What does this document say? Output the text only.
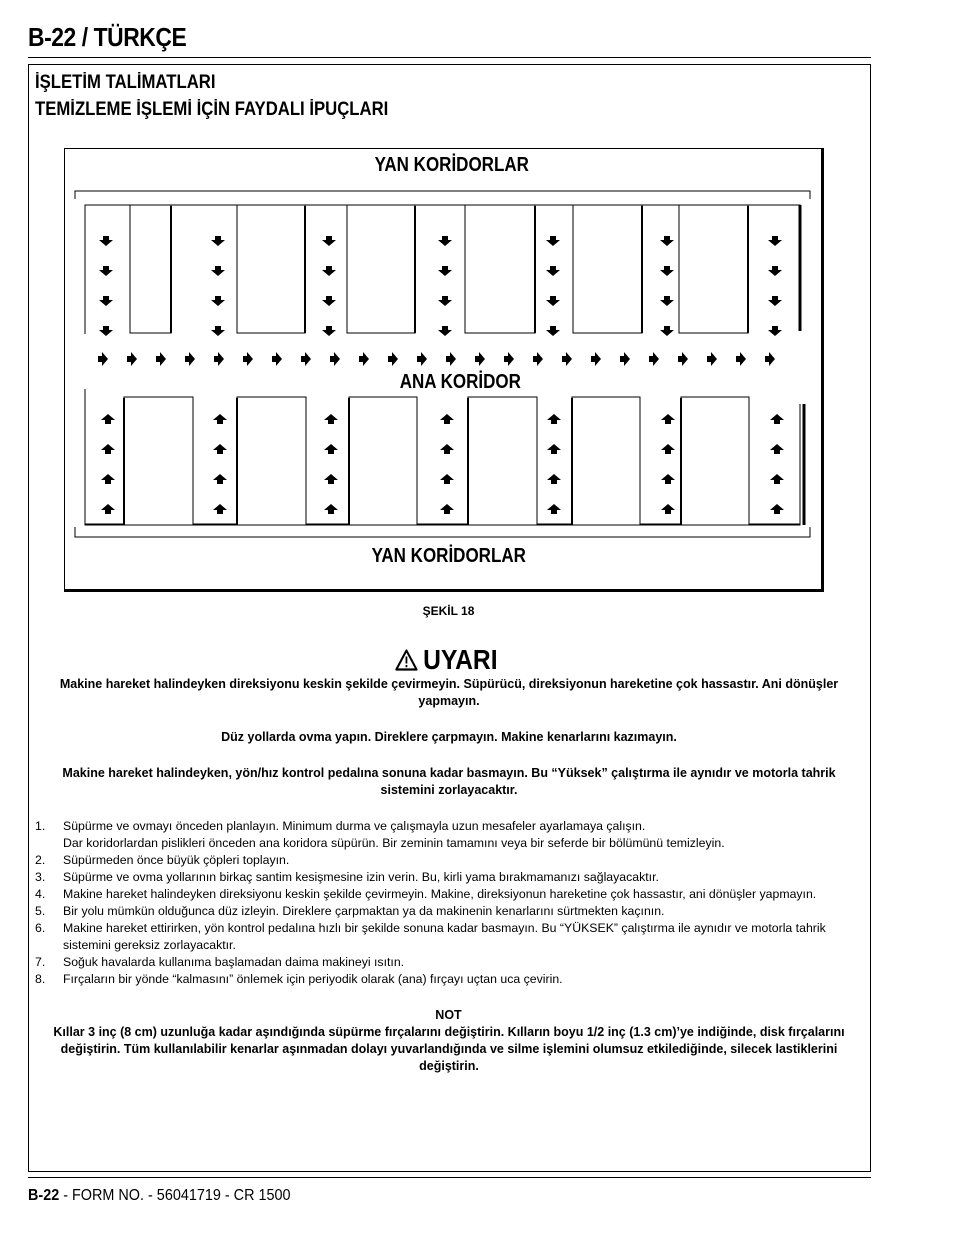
B-22 / TÜRKÇE
İŞLETİM TALİMATLARI
TEMİZLEME İŞLEMİ İÇİN FAYDALI İPUÇLARI
YAN KORİDORLAR
ANA KORİDOR
YAN KORİDORLAR
ŞEKİL 18
UYARI
Makine hareket halindeyken direksiyonu keskin şekilde çevirmeyin. Süpürücü, direksiyonun hareketine çok hassastır. Ani dönüşler yapmayın.
Düz yollarda ovma yapın. Direklere çarpmayın. Makine kenarlarını kazımayın.
Makine hareket halindeyken, yön/hız kontrol pedalına sonuna kadar basmayın. Bu “Yüksek” çalıştırma ile aynıdır ve motorla tahrik sistemini zorlayacaktır.
1.	Süpürme ve ovmayı önceden planlayın. Minimum durma ve çalışmayla uzun mesafeler ayarlamaya çalışın.
Dar koridorlardan pislikleri önceden ana koridora süpürün. Bir zeminin tamamını veya bir seferde bir bölümünü temizleyin.
2.	Süpürmeden önce büyük çöpleri toplayın.
3.	Süpürme ve ovma yollarının birkaç santim kesişmesine izin verin. Bu, kirli yama bırakmamanızı sağlayacaktır.
4.	Makine hareket halindeyken direksiyonu keskin şekilde çevirmeyin. Makine, direksiyonun hareketine çok hassastır, ani dönüşler yapmayın.
5.	Bir yolu mümkün olduğunca düz izleyin. Direklere çarpmaktan ya da makinenin kenarlarını sürtmekten kaçının.
6.	Makine hareket ettirirken, yön kontrol pedalına hızlı bir şekilde sonuna kadar basmayın. Bu “YÜKSEK” çalıştırma ile aynıdır ve motorla tahrik sistemini gereksiz zorlayacaktır.
7.	Soğuk havalarda kullanıma başlamadan daima makineyi ısıtın.
8.	Fırçaların bir yönde “kalmasını” önlemek için periyodik olarak (ana) fırçayı uçtan uca çevirin.
NOT
Kıllar 3 inç (8 cm) uzunluğa kadar aşındığında süpürme fırçalarını değiştirin. Kılların boyu 1/2 inç (1.3 cm)’ye indiğinde, disk fırçalarını değiştirin. Tüm kullanılabilir kenarlar aşınmadan dolayı yuvarlandığında ve silme işlemini olumsuz etkilediğinde, silecek lastiklerini değiştirin.
B-22 - FORM NO. - 56041719 - CR 1500
